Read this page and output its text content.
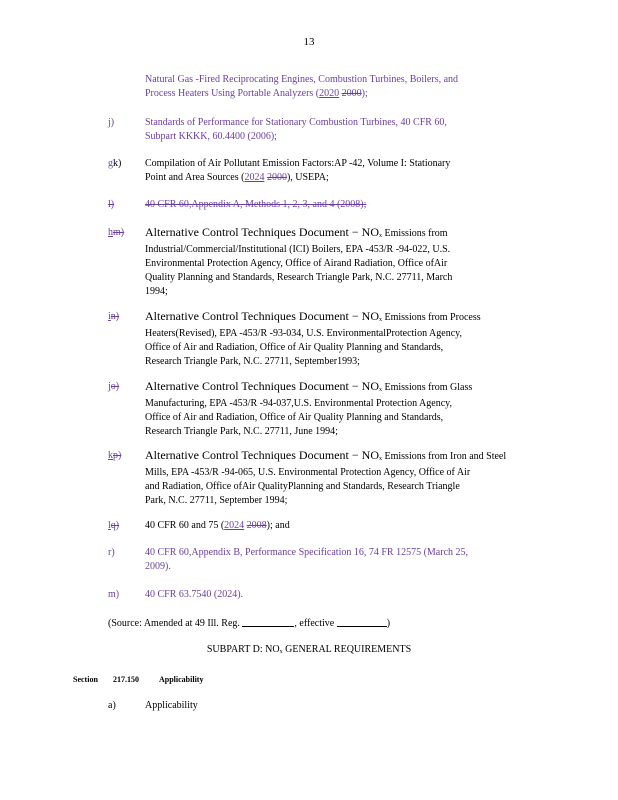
13
Natural Gas -Fired Reciprocating Engines, Combustion Turbines, Boilers, and
Process Heaters Using Portable Analyzers (2020 2000);
j)	Standards of Performance for Stationary Combustion Turbines, 40 CFR 60,
Subpart KKKK, 60.4400 (2006);
gk) Compilation of Air Pollutant Emission Factors:AP -42, Volume I: Stationary
Point and Area Sources (2024 2000), USEPA;
l)	40 CFR 60,Appendix A, Methods 1, 2, 3, and 4 (2008);
hm) Alternative Control Techniques Document − NOx Emissions from
Industrial/Commercial/Institutional (ICI) Boilers, EPA -453/R -94-022, U.S.
Environmental Protection Agency, Office of Airand Radiation, Office ofAir
Quality Planning and Standards, Research Triangle Park, N.C. 27711, March
1994;
in) Alternative Control Techniques Document − NOx Emissions from Process
Heaters(Revised), EPA -453/R -93-034, U.S. EnvironmentalProtection Agency,
Office of Air and Radiation, Office of Air Quality Planning and Standards,
Research Triangle Park, N.C. 27711, September1993;
jo) Alternative Control Techniques Document − NOx Emissions from Glass
Manufacturing, EPA -453/R -94-037,U.S. Environmental Protection Agency,
Office of Air and Radiation, Office of Air Quality Planning and Standards,
Research Triangle Park, N.C. 27711, June 1994;
kp) Alternative Control Techniques Document − NOx Emissions from Iron and Steel
Mills, EPA -453/R -94-065, U.S. Environmental Protection Agency, Office of Air
and Radiation, Office ofAir QualityPlanning and Standards, Research Triangle
Park, N.C. 27711, September 1994;
lq)	40 CFR 60 and 75 (2024 2008); and
r)	40 CFR 60,Appendix B, Performance Specification 16, 74 FR 12575 (March 25,
2009).
m)	40 CFR 63.7540 (2024).
(Source: Amended at 49 Ill. Reg.	, effective	)
SUBPART D: NOx GENERAL REQUIREMENTS
Section 217.150	Applicability
a)	Applicability
